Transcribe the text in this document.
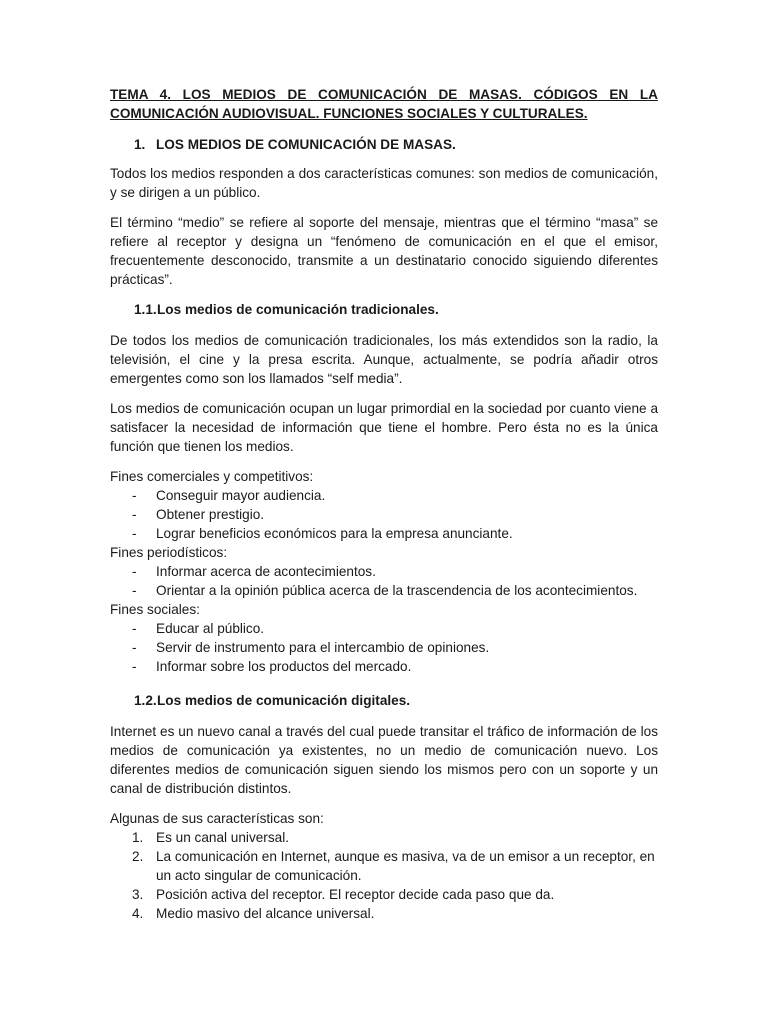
TEMA 4. LOS MEDIOS DE COMUNICACIÓN DE MASAS. CÓDIGOS EN LA COMUNICACIÓN AUDIOVISUAL. FUNCIONES SOCIALES Y CULTURALES.
1. LOS MEDIOS DE COMUNICACIÓN DE MASAS.

Todos los medios responden a dos características comunes: son medios de comunicación, y se dirigen a un público.

El término “medio” se refiere al soporte del mensaje, mientras que el término “masa” se refiere al receptor y designa un “fenómeno de comunicación en el que el emisor, frecuentemente desconocido, transmite a un destinatario conocido siguiendo diferentes prácticas”.

1.1. Los medios de comunicación tradicionales.

De todos los medios de comunicación tradicionales, los más extendidos son la radio, la televisión, el cine y la presa escrita. Aunque, actualmente, se podría añadir otros emergentes como son los llamados “self media”.

Los medios de comunicación ocupan un lugar primordial en la sociedad por cuanto viene a satisfacer la necesidad de información que tiene el hombre. Pero ésta no es la única función que tienen los medios.

Fines comerciales y competitivos:
-	Conseguir mayor audiencia.
-	Obtener prestigio.
-	Lograr beneficios económicos para la empresa anunciante.
Fines periodísticos:
-	Informar acerca de acontecimientos.
-	Orientar a la opinión pública acerca de la trascendencia de los acontecimientos.
Fines sociales:
-	Educar al público.
-	Servir de instrumento para el intercambio de opiniones.
-	Informar sobre los productos del mercado.
1.2. Los medios de comunicación digitales.

Internet es un nuevo canal a través del cual puede transitar el tráfico de información de los medios de comunicación ya existentes, no un medio de comunicación nuevo. Los diferentes medios de comunicación siguen siendo los mismos pero con un soporte y un canal de distribución distintos.

Algunas de sus características son:
1. Es un canal universal.
2. La comunicación en Internet, aunque es masiva, va de un emisor a un receptor, en un acto singular de comunicación.
3. Posición activa del receptor. El receptor decide cada paso que da.
4. Medio masivo del alcance universal.
